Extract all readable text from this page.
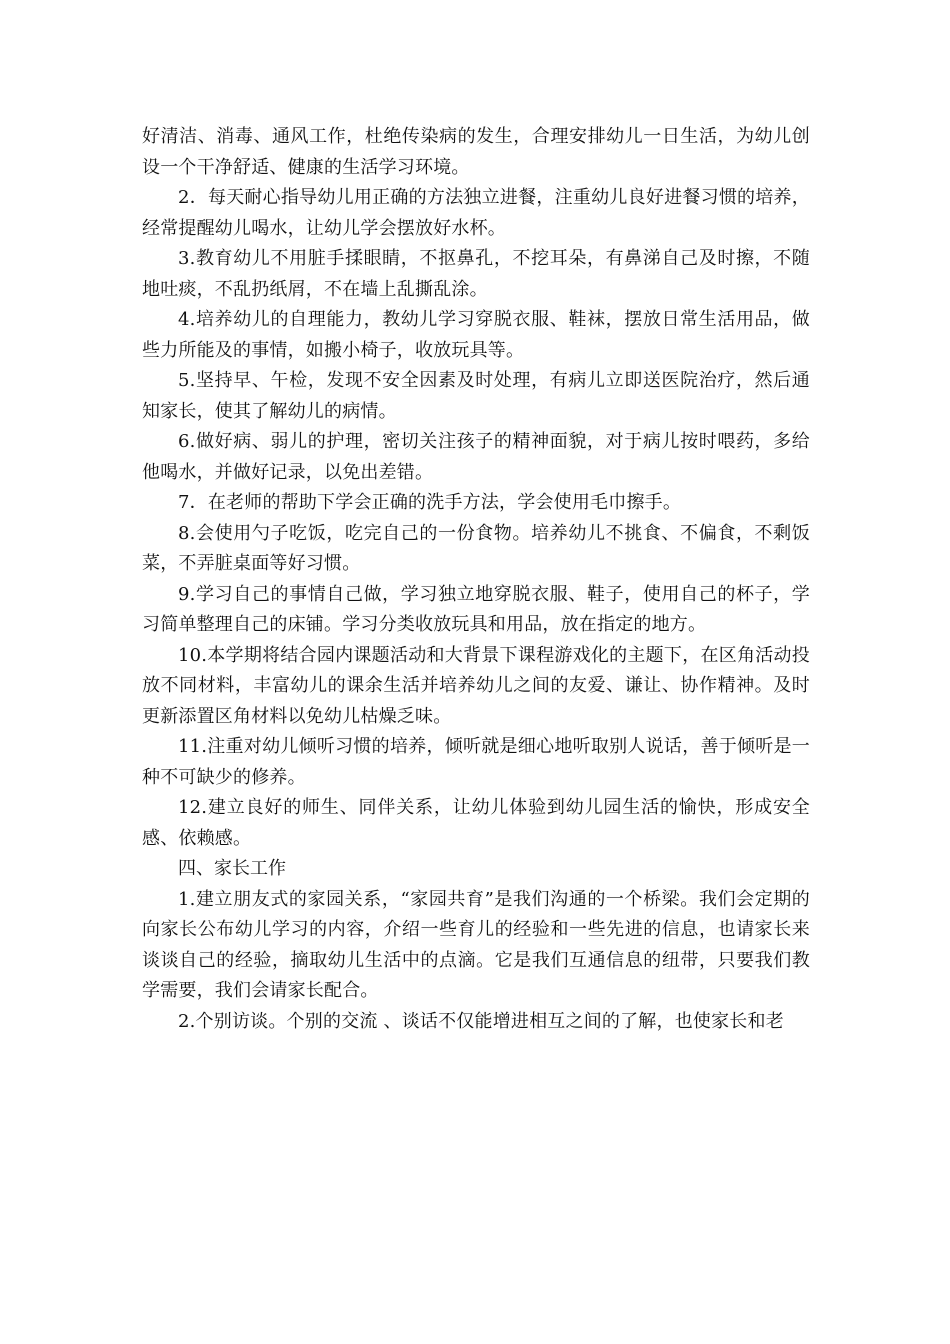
好清洁、消毒、通风工作，杜绝传染病的发生，合理安排幼儿一日生活，为幼儿创设一个干净舒适、健康的生活学习环境。

2．每天耐心指导幼儿用正确的方法独立进餐，注重幼儿良好进餐习惯的培养，经常提醒幼儿喝水，让幼儿学会摆放好水杯。

3.教育幼儿不用脏手揉眼睛，不抠鼻孔，不挖耳朵，有鼻涕自己及时擦，不随地吐痰，不乱扔纸屑，不在墙上乱撕乱涂。

4.培养幼儿的自理能力，教幼儿学习穿脱衣服、鞋袜，摆放日常生活用品，做些力所能及的事情，如搬小椅子，收放玩具等。

5.坚持早、午检，发现不安全因素及时处理，有病儿立即送医院治疗，然后通知家长，使其了解幼儿的病情。

6.做好病、弱儿的护理，密切关注孩子的精神面貌，对于病儿按时喂药，多给他喝水，并做好记录，以免出差错。

7．在老师的帮助下学会正确的洗手方法，学会使用毛巾擦手。

8.会使用勺子吃饭，吃完自己的一份食物。培养幼儿不挑食、不偏食，不剩饭菜，不弄脏桌面等好习惯。

9.学习自己的事情自己做，学习独立地穿脱衣服、鞋子，使用自己的杯子，学习简单整理自己的床铺。学习分类收放玩具和用品，放在指定的地方。

10.本学期将结合园内课题活动和大背景下课程游戏化的主题下，在区角活动投放不同材料，丰富幼儿的课余生活并培养幼儿之间的友爱、谦让、协作精神。及时更新添置区角材料以免幼儿枯燥乏味。

11.注重对幼儿倾听习惯的培养，倾听就是细心地听取别人说话，善于倾听是一种不可缺少的修养。

12.建立良好的师生、同伴关系，让幼儿体验到幼儿园生活的愉快，形成安全感、依赖感。

四、家长工作

1.建立朋友式的家园关系，“家园共育”是我们沟通的一个桥梁。我们会定期的向家长公布幼儿学习的内容，介绍一些育儿的经验和一些先进的信息，也请家长来谈谈自己的经验，摘取幼儿生活中的点滴。它是我们互通信息的纽带，只要我们教学需要，我们会请家长配合。

2.个别访谈。个别的交流 、谈话不仅能增进相互之间的了解，也使家长和老
